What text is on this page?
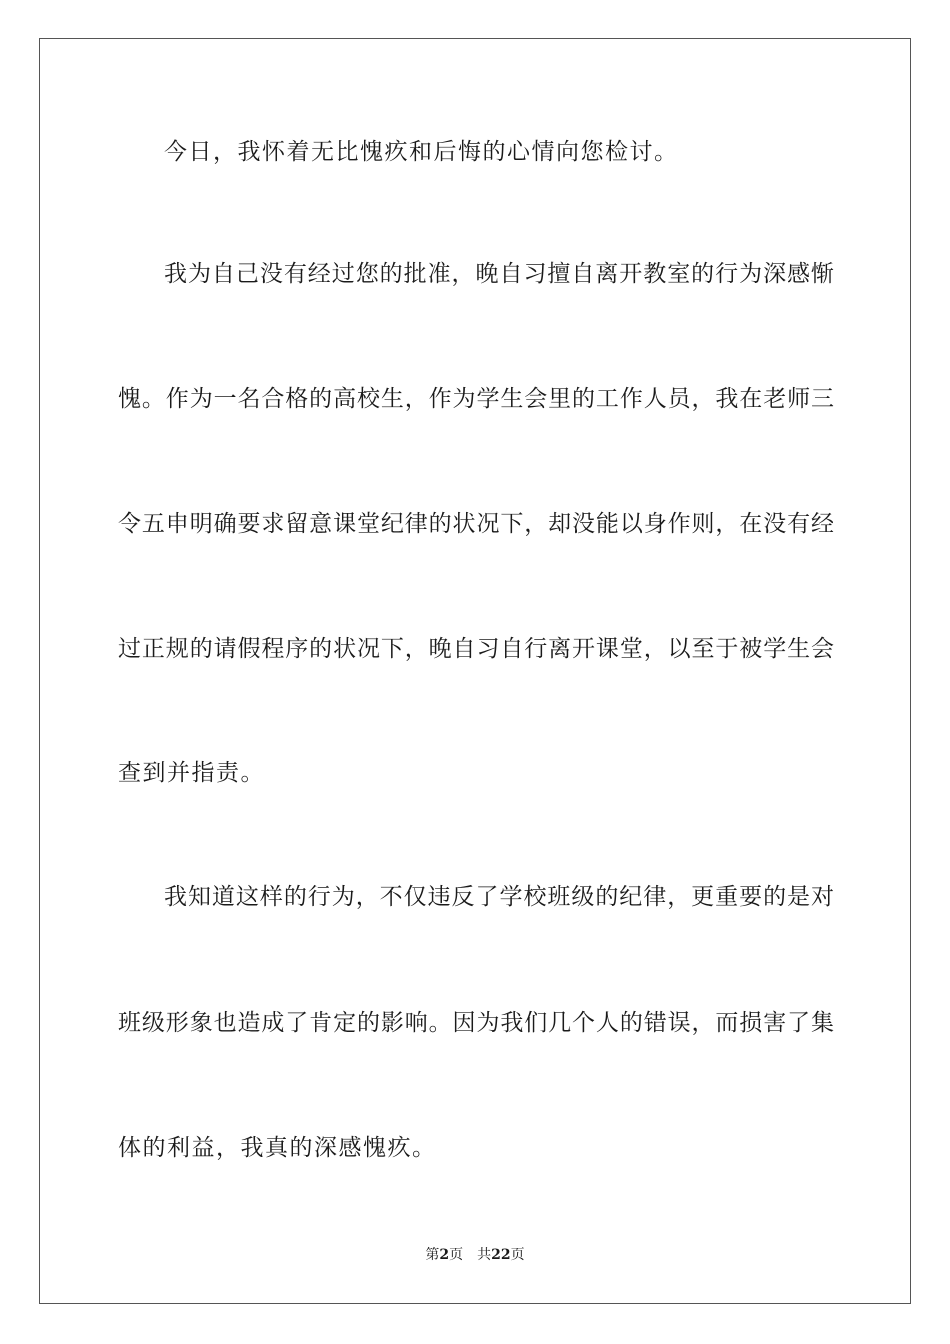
今日，我怀着无比愧疚和后悔的心情向您检讨。
我为自己没有经过您的批准，晚自习擅自离开教室的行为深感惭
愧。作为一名合格的高校生，作为学生会里的工作人员，我在老师三
令五申明确要求留意课堂纪律的状况下，却没能以身作则，在没有经
过正规的请假程序的状况下，晚自习自行离开课堂，以至于被学生会
查到并指责。
我知道这样的行为，不仅违反了学校班级的纪律，更重要的是对
班级形象也造成了肯定的影响。因为我们几个人的错误，而损害了集
体的利益，我真的深感愧疚。
第2页 共22页
